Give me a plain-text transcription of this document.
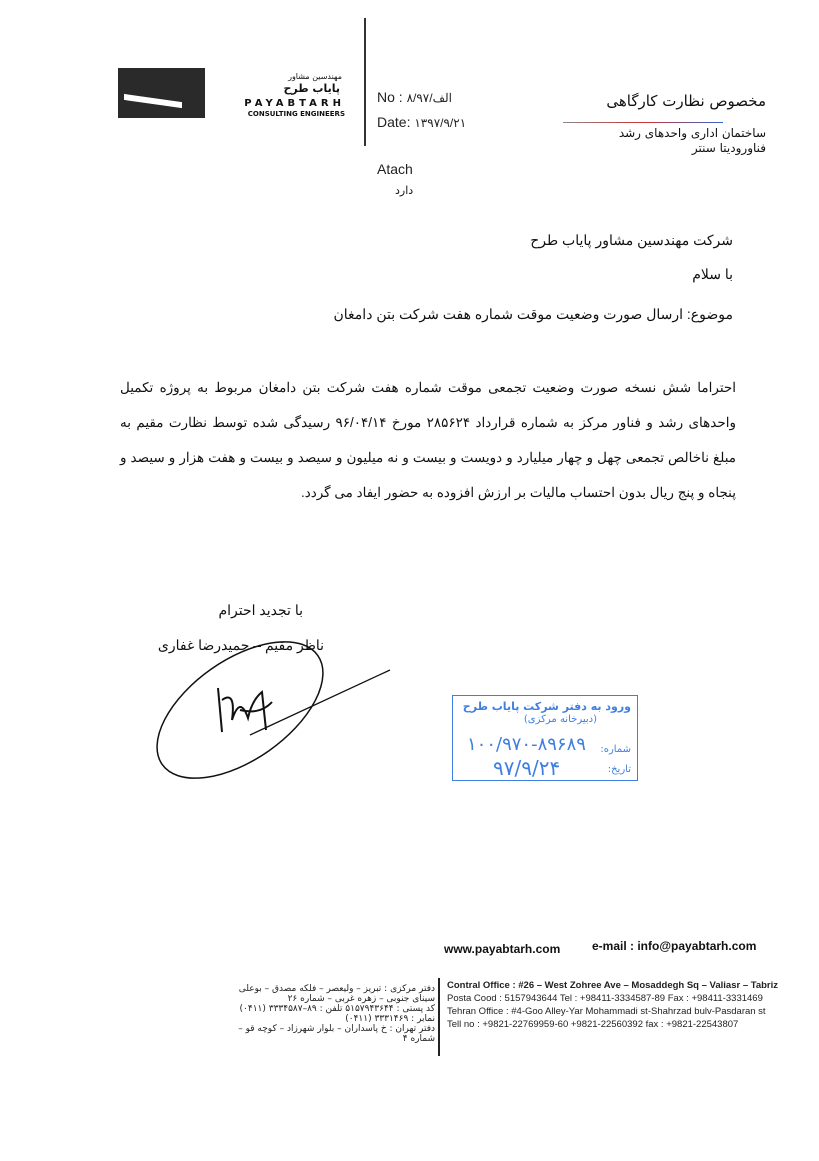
مهندسین مشاور
پایاب طرح
PAYABTARH
CONSULTING ENGINEERS
No : ۸/الف/۹۷
Date: ۱۳۹۷/۹/۲۱
Atach
دارد
مخصوص نظارت کارگاهی
ساختمان اداری واحدهای رشد
فناوروديتا سنتر
شرکت مهندسین مشاور پایاب طرح
با سلام
موضوع: ارسال صورت وضعیت موقت شماره هفت شرکت بتن دامغان
احتراما شش نسخه صورت وضعیت تجمعی موقت شماره هفت شرکت بتن دامغان مربوط به پروژه تکمیل واحدهای رشد و فناور مرکز به شماره قرارداد ۲۸۵۶۲۴ مورخ ۹۶/۰۴/۱۴ رسیدگی شده توسط نظارت مقیم به مبلغ ناخالص تجمعی چهل و چهار میلیارد و دویست و بیست و نه میلیون و سیصد و بیست و هفت هزار و سیصد و پنجاه و پنج ریال بدون احتساب مالیات بر ارزش افزوده به حضور ایفاد می گردد.
با تجدید احترام
ناظر مقیم – حمیدرضا غفاری
ورود به دفتر شرکت پایاب طرح
(دبیرخانه مرکزی)
شماره:
۱۰۰/۹۷۰-۸۹۶۸۹
تاریخ:
۹۷/۹/۲۴
www.payabtarh.com	e-mail : info@payabtarh.com
Contral Office : #26 – West Zohree Ave – Mosaddegh Sq – Valiasr – Tabriz
Posta Cood : 5157943644 Tel : +98411-3334587-89 Fax : +98411-3331469
Tehran Office : #4-Goo Alley-Yar Mohammadi st-Shahrzad bulv-Pasdaran st
Tell no : +9821-22769959-60 +9821-22560392 fax : +9821-22543807
دفتر مرکزی : تبریز – ولیعصر – فلکه مصدق – بوعلی
سینای جنوبی – زهره غربی – شماره ۲۶
کد پستی : ۵۱۵۷۹۴۳۶۴۴ تلفن : ۸۹–۳۳۳۴۵۸۷ (۰۴۱۱)
نمابر : ۳۳۳۱۴۶۹ (۰۴۱۱)
دفتر تهران : خ پاسداران – بلوار شهرزاد – کوچه قو –
شماره ۴
